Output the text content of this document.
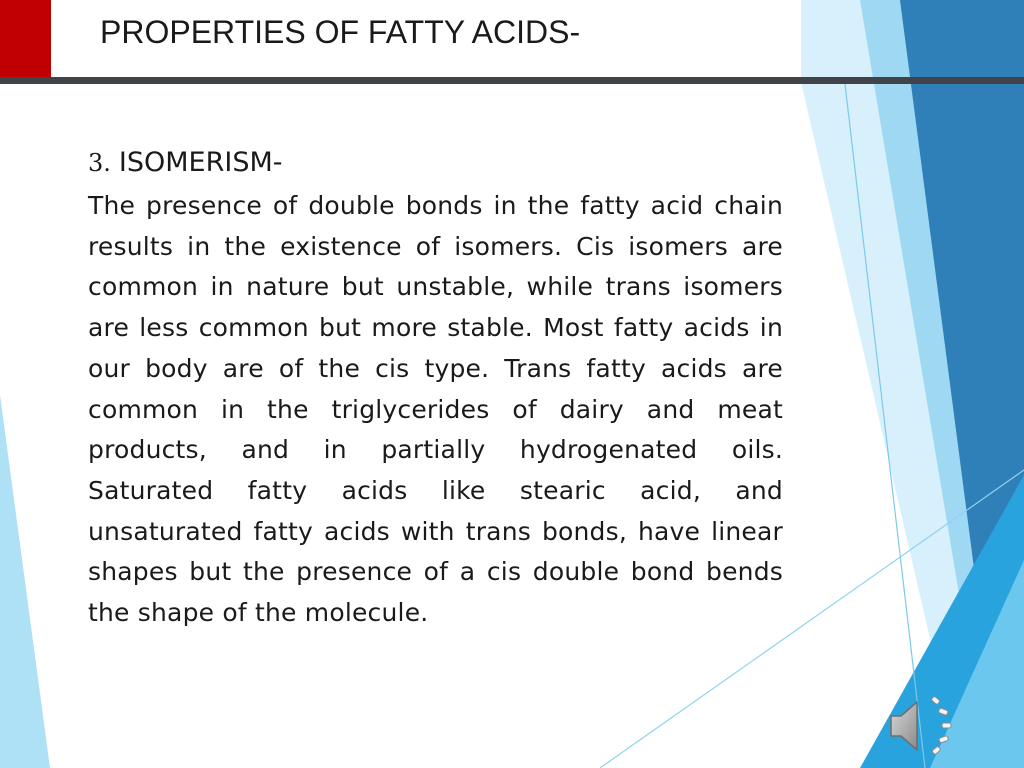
PROPERTIES OF FATTY ACIDS-
3. ISOMERISM-

The presence of double bonds in the fatty acid chain results in the existence of isomers. Cis isomers are common in nature but unstable, while trans isomers are less common but more stable. Most fatty acids in our body are of the cis type. Trans fatty acids are common in the triglycerides of dairy and meat products, and in partially hydrogenated oils. Saturated fatty acids like stearic acid, and unsaturated fatty acids with trans bonds, have linear shapes but the presence of a cis double bond bends the shape of the molecule.
